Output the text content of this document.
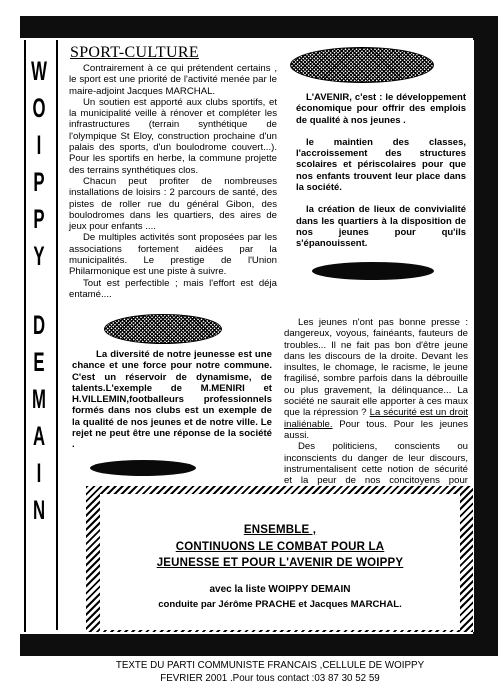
W
O
I
P
P
Y
D
E
M
A
I
N
SPORT-CULTURE

Contrairement à ce qui prétendent certains , le sport est une priorité de l'activité menée par le maire-adjoint Jacques MARCHAL.

Un soutien est apporté aux clubs sportifs, et la municipalité veille à rénover et compléter les infrastructures (terrain synthétique de l'olympique St Eloy, construction prochaine d'un palais des sports, d'un boulodrome couvert...). Pour les sportifs en herbe, la commune projette des terrains synthétiques clos.

Chacun peut profiter de nombreuses installations de loisirs : 2 parcours de santé, des pistes de roller rue du général Gibon, des boulodromes dans les quartiers, des aires de jeux pour enfants ....

De multiples activités sont proposées par les associations fortement aidées par la municipalités. Le prestige de l'Union Philarmonique est une piste à suivre.

Tout est perfectible ; mais l'effort est déja entamé....

L'AVENIR, c'est : le développement économique pour offrir des emplois de qualité à nos jeunes .

le maintien des classes, l'accroissement des structures scolaires et périscolaires pour que nos enfants trouvent leur place dans la société.

la création de lieux de convivialité dans les quartiers à la disposition de nos jeunes pour qu'ils s'épanouissent.

Les jeunes n'ont pas bonne presse : dangereux, voyous, fainéants, fauteurs de troubles... Il ne fait pas bon d'être jeune dans les discours de la droite. Devant les insultes, le chomage, le racisme, le jeune fragilisé, sombre parfois dans la débrouille ou plus gravement, la délinquance... La société ne saurait elle apporter à ces maux que la répression ? La sécurité est un droit inaliénable. Pour tous. Pour les jeunes aussi.

Des politiciens, conscients ou inconscients du danger de leur discours, instrumentalisent cette notion de sécurité et la peur de nos concitoyens pour

La diversité de notre jeunesse est une chance et une force pour notre commune. C'est un réservoir de dynamisme, de talents.L'exemple de M.MENIRI et H.VILLEMIN,footballeurs professionnels formés dans nos clubs est un exemple de la qualité de nos jeunes et de notre ville. Le rejet ne peut être une réponse de la société .

ENSEMBLE ,
CONTINUONS LE COMBAT POUR LA
JEUNESSE ET POUR L'AVENIR DE WOIPPY
avec la liste WOIPPY DEMAIN
conduite par Jérôme PRACHE et Jacques MARCHAL.
TEXTE DU PARTI COMMUNISTE FRANCAIS ,CELLULE DE WOIPPY
FEVRIER 2001 .Pour tous contact :03 87 30 52 59
